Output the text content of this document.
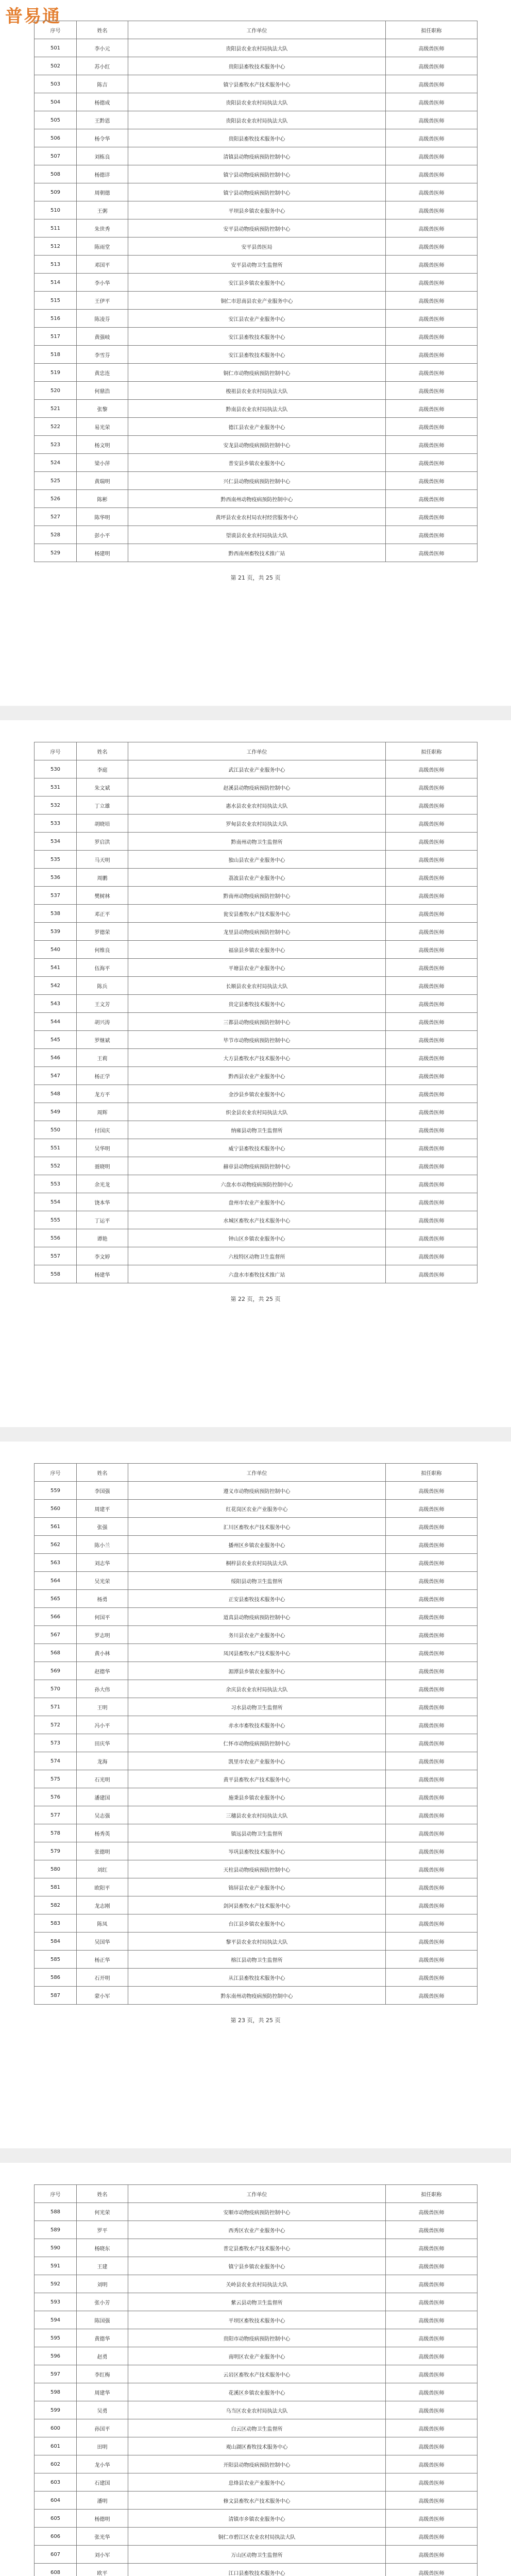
普易通
序号	姓名	工作单位	拟任职称
501	李小元	贵阳县农业农村局执法大队	高级兽医师
502	苏小红	贵阳县畜牧技术服务中心	高级兽医师
503	陈吉	镇宁县畜牧水产技术服务中心	高级兽医师
504	杨德成	贵阳县农业农村局执法大队	高级兽医师
505	王黔恩	贵阳县农业农村局执法大队	高级兽医师
506	杨令华	贵阳县畜牧技术服务中心	高级兽医师
507	刘栋良	清镇县动物疫病预防控制中心	高级兽医师
508	杨德详	镇宁县动物疫病预防控制中心	高级兽医师
509	周朝德	镇宁县动物疫病预防控制中心	高级兽医师
510	王粥	平坝县乡镇农业服务中心	高级兽医师
511	朱世秀	安平县动物疫病预防控制中心	高级兽医师
512	陈雨堂	安平县兽医局	高级兽医师
513	邓国平	安平县动物卫生监督所	高级兽医师
514	李小华	安江县乡镇农业服务中心	高级兽医师
515	王伊平	铜仁市思南县农业产业服务中心	高级兽医师
516	陈凌芬	安江县农业产业服务中心	高级兽医师
517	黄强岐	安江县畜牧技术服务中心	高级兽医师
518	李雪芬	安江县畜牧技术服务中心	高级兽医师
519	黄忠连	铜仁市动物疫病预防控制中心	高级兽医师
520	何鼎浩	梭祖县农业农村局执法大队	高级兽医师
521	张黎	黔南县农业农村局执法大队	高级兽医师
522	易光荣	德江县农业产业服务中心	高级兽医师
523	杨文明	安龙县动物疫病预防控制中心	高级兽医师
524	梁小萍	普安县乡镇农业服务中心	高级兽医师
525	黄瑞明	兴仁县动物疫病预防控制中心	高级兽医师
526	陈彬	黔西南州动物疫病预防控制中心	高级兽医师
527	陈华明	黄坪县农业农村局农村经营服务中心	高级兽医师
528	彭小平	望谟县农业农村局执法大队	高级兽医师
529	杨建明	黔西南州畜牧技术推广站	高级兽医师
第 21 页，共 25 页
序号	姓名	工作单位	拟任职称
530	李庭	武江县农业产业服务中心	高级兽医师
531	朱文斌	赵溪县动物疫病预防控制中心	高级兽医师
532	丁立雄	惠水县农业农村局执法大队	高级兽医师
533	胡晓培	罗甸县农业农村局执法大队	高级兽医师
534	罗启洪	黔南州动物卫生监督所	高级兽医师
535	马天明	独山县农业产业服务中心	高级兽医师
536	周鹏	荔波县农业产业服务中心	高级兽医师
537	樊树林	黔南州动物疫病预防控制中心	高级兽医师
538	邓正平	瓮安县畜牧水产技术服务中心	高级兽医师
539	罗德荣	龙里县动物疫病预防控制中心	高级兽医师
540	何维良	福泉县乡镇农业服务中心	高级兽医师
541	伍海平	平塘县农业产业服务中心	高级兽医师
542	陈兵	长顺县农业农村局执法大队	高级兽医师
543	王文芳	贵定县畜牧技术服务中心	高级兽医师
544	胡兴涛	三都县动物疫病预防控制中心	高级兽医师
545	罗继斌	毕节市动物疫病预防控制中心	高级兽医师
546	王莉	大方县畜牧水产技术服务中心	高级兽医师
547	杨正学	黔西县农业产业服务中心	高级兽医师
548	龙方平	金沙县乡镇农业服务中心	高级兽医师
549	周辉	织金县农业农村局执法大队	高级兽医师
550	付国庆	纳雍县动物卫生监督所	高级兽医师
551	吴华明	威宁县畜牧技术服务中心	高级兽医师
552	聂晓明	赫章县动物疫病预防控制中心	高级兽医师
553	余光龙	六盘水市动物疫病预防控制中心	高级兽医师
554	饶本华	盘州市农业产业服务中心	高级兽医师
555	丁运平	水城区畜牧水产技术服务中心	高级兽医师
556	谭艳	钟山区乡镇农业服务中心	高级兽医师
557	李文婷	六枝特区动物卫生监督所	高级兽医师
558	杨建华	六盘水市畜牧技术推广站	高级兽医师
第 22 页，共 25 页
序号	姓名	工作单位	拟任职称
559	李国强	遵义市动物疫病预防控制中心	高级兽医师
560	周建平	红花岗区农业产业服务中心	高级兽医师
561	张强	汇川区畜牧水产技术服务中心	高级兽医师
562	陈小兰	播州区乡镇农业服务中心	高级兽医师
563	刘志华	桐梓县农业农村局执法大队	高级兽医师
564	吴光荣	绥阳县动物卫生监督所	高级兽医师
565	杨勇	正安县畜牧技术服务中心	高级兽医师
566	何国平	道真县动物疫病预防控制中心	高级兽医师
567	罗志明	务川县农业产业服务中心	高级兽医师
568	黄小林	凤冈县畜牧水产技术服务中心	高级兽医师
569	赵德华	湄潭县乡镇农业服务中心	高级兽医师
570	孙大伟	余庆县农业农村局执法大队	高级兽医师
571	王明	习水县动物卫生监督所	高级兽医师
572	冯小平	赤水市畜牧技术服务中心	高级兽医师
573	田庆华	仁怀市动物疫病预防控制中心	高级兽医师
574	龙海	凯里市农业产业服务中心	高级兽医师
575	石光明	黄平县畜牧水产技术服务中心	高级兽医师
576	潘建国	施秉县乡镇农业服务中心	高级兽医师
577	吴志强	三穗县农业农村局执法大队	高级兽医师
578	杨秀英	镇远县动物卫生监督所	高级兽医师
579	张德明	岑巩县畜牧技术服务中心	高级兽医师
580	刘红	天柱县动物疫病预防控制中心	高级兽医师
581	欧阳平	锦屏县农业产业服务中心	高级兽医师
582	龙志刚	剑河县畜牧水产技术服务中心	高级兽医师
583	陈凤	台江县乡镇农业服务中心	高级兽医师
584	吴国华	黎平县农业农村局执法大队	高级兽医师
585	杨正华	榕江县动物卫生监督所	高级兽医师
586	石开明	从江县畜牧技术服务中心	高级兽医师
587	蒙小军	黔东南州动物疫病预防控制中心	高级兽医师
第 23 页，共 25 页
序号	姓名	工作单位	拟任职称
588	何光荣	安顺市动物疫病预防控制中心	高级兽医师
589	罗平	西秀区农业产业服务中心	高级兽医师
590	杨晓东	普定县畜牧水产技术服务中心	高级兽医师
591	王建	镇宁县乡镇农业服务中心	高级兽医师
592	刘明	关岭县农业农村局执法大队	高级兽医师
593	张小芳	紫云县动物卫生监督所	高级兽医师
594	陈国强	平坝区畜牧技术服务中心	高级兽医师
595	黄德华	贵阳市动物疫病预防控制中心	高级兽医师
596	赵勇	南明区农业产业服务中心	高级兽医师
597	李红梅	云岩区畜牧水产技术服务中心	高级兽医师
598	周建华	花溪区乡镇农业服务中心	高级兽医师
599	吴勇	乌当区农业农村局执法大队	高级兽医师
600	孙国平	白云区动物卫生监督所	高级兽医师
601	田明	观山湖区畜牧技术服务中心	高级兽医师
602	龙小华	开阳县动物疫病预防控制中心	高级兽医师
603	石建国	息烽县农业产业服务中心	高级兽医师
604	潘明	修文县畜牧水产技术服务中心	高级兽医师
605	杨德明	清镇市乡镇农业服务中心	高级兽医师
606	张光华	铜仁市碧江区农业农村局执法大队	高级兽医师
607	刘小军	万山区动物卫生监督所	高级兽医师
608	欧平	江口县畜牧技术服务中心	高级兽医师
